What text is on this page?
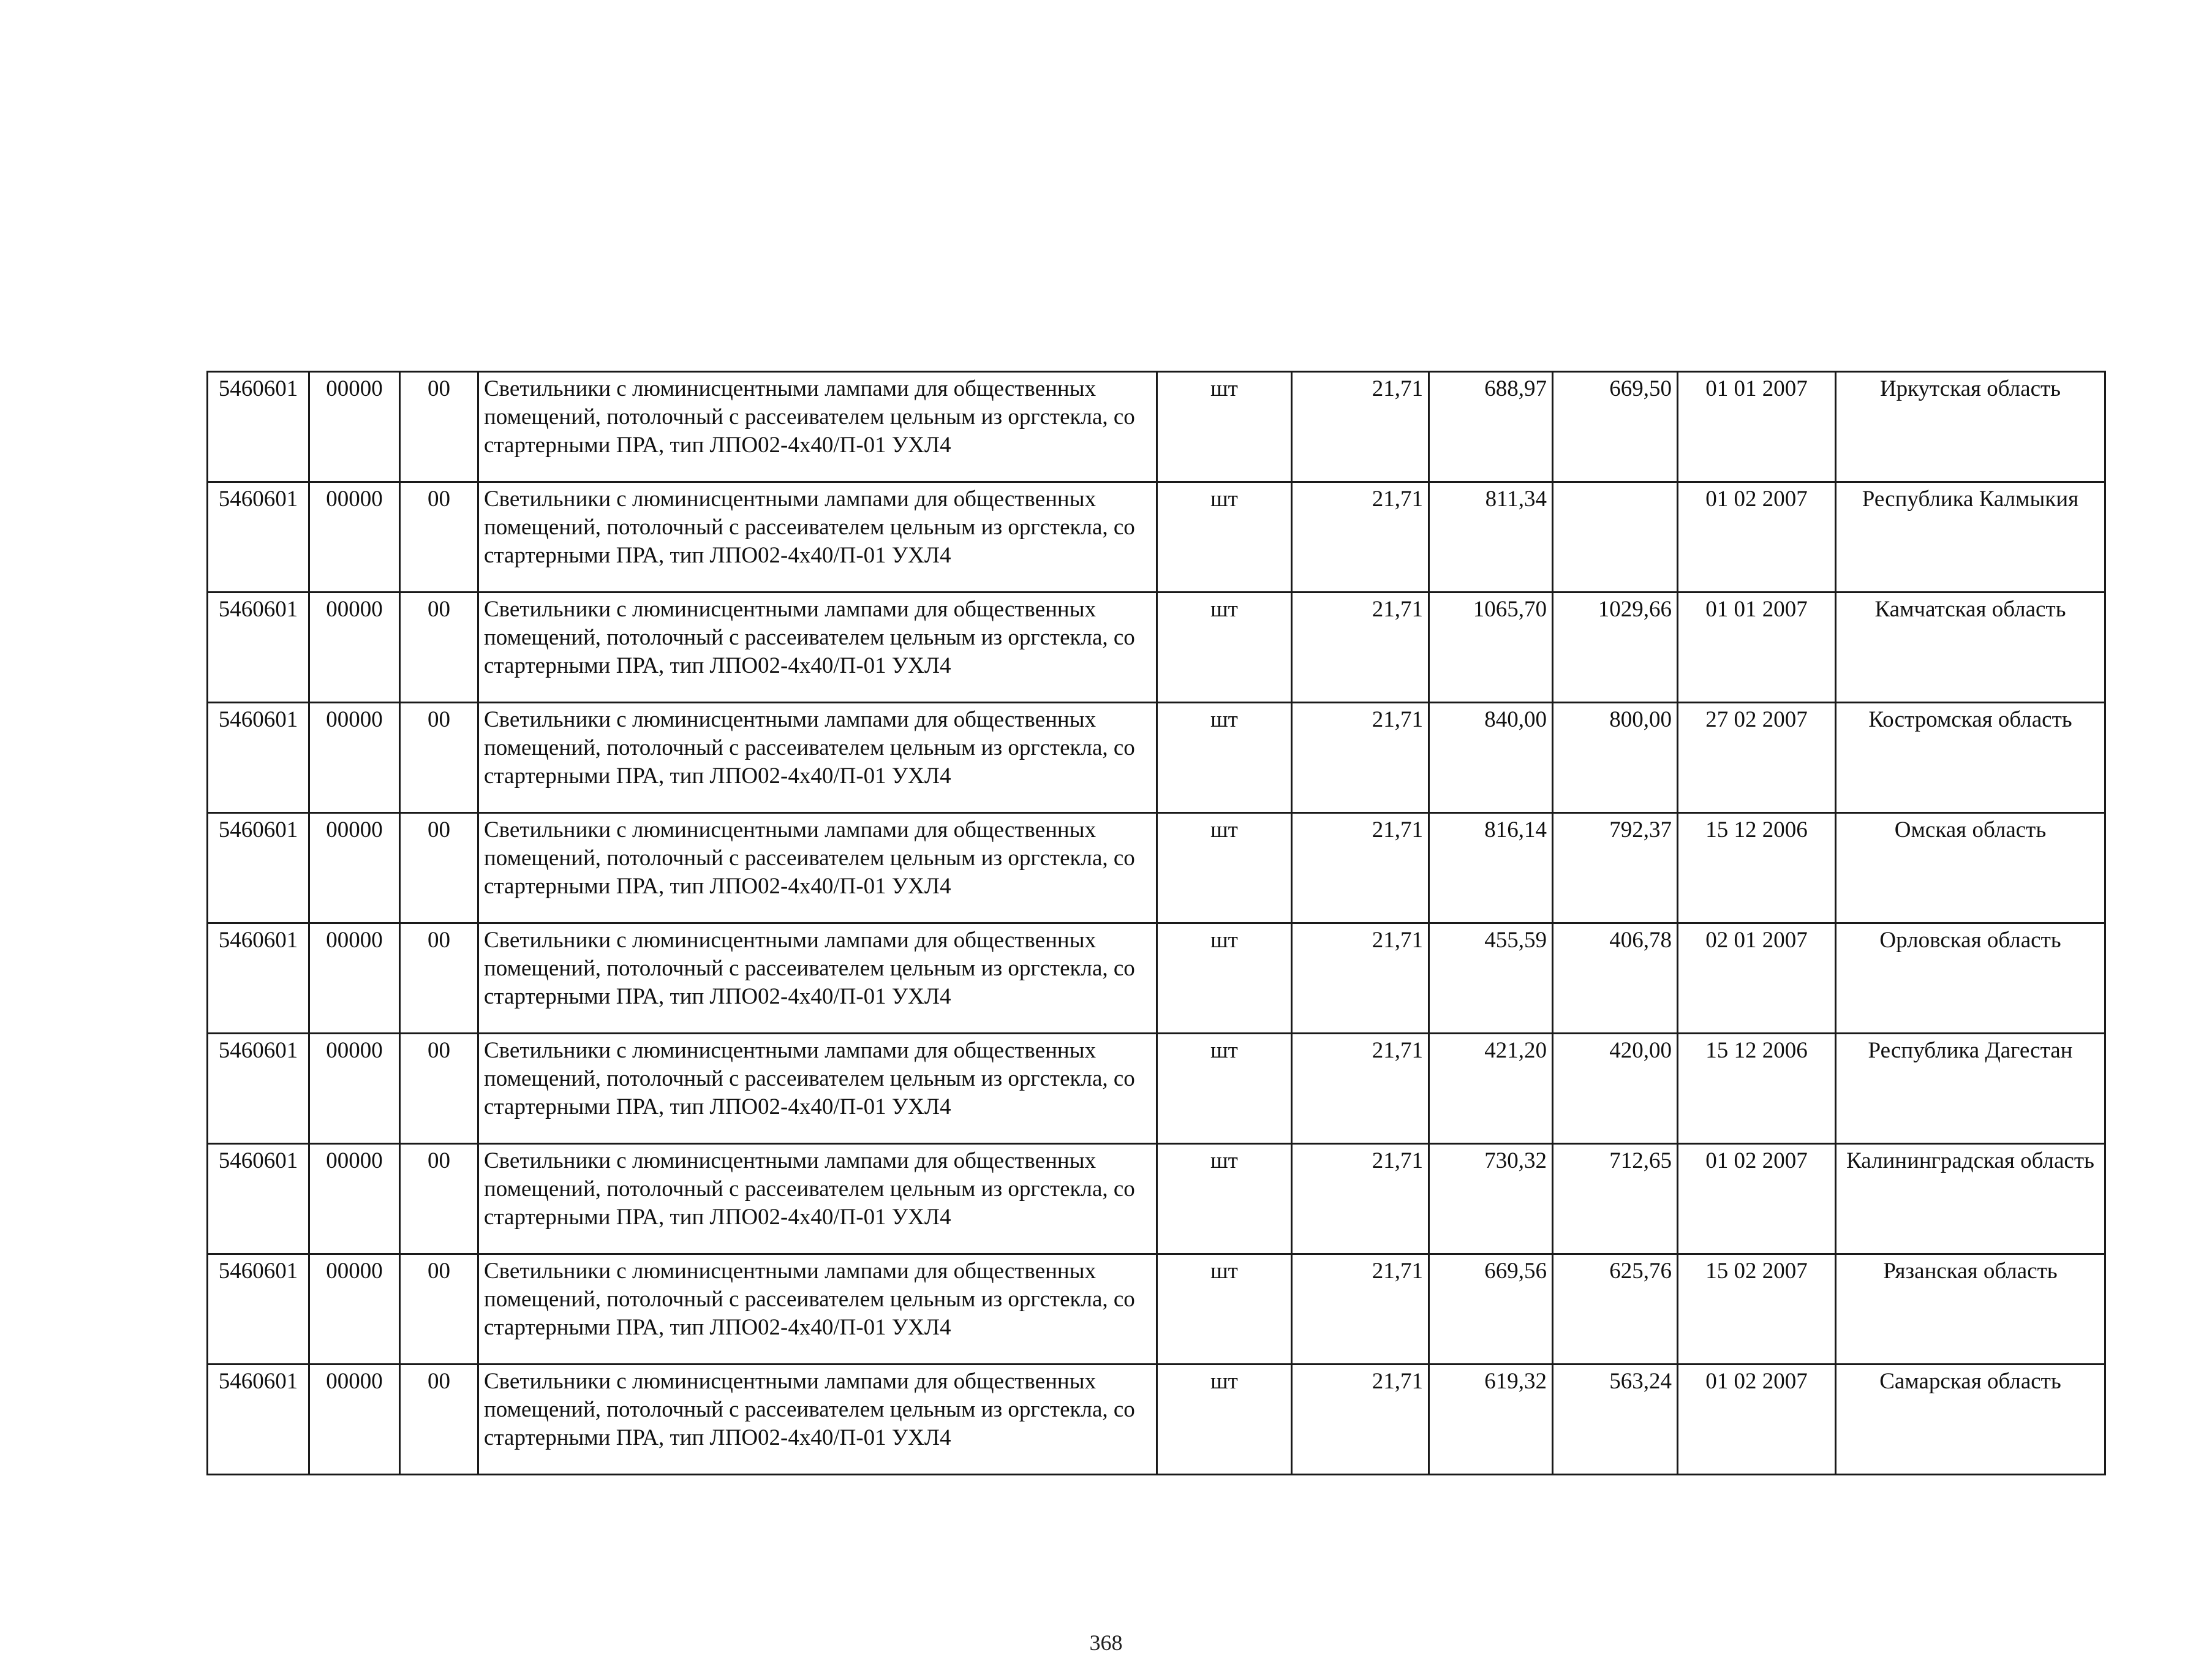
5460601	00000	00	Светильники с люминисцентными лампами для общественных помещений, потолочный с рассеивателем цельным из оргстекла, со стартерными ПРА, тип ЛПО02-4х40/П-01 УХЛ4	шт	21,71	688,97	669,50	01 01 2007	Иркутская область
5460601	00000	00	Светильники с люминисцентными лампами для общественных помещений, потолочный с рассеивателем цельным из оргстекла, со стартерными ПРА, тип ЛПО02-4х40/П-01 УХЛ4	шт	21,71	811,34		01 02 2007	Республика Калмыкия
5460601	00000	00	Светильники с люминисцентными лампами для общественных помещений, потолочный с рассеивателем цельным из оргстекла, со стартерными ПРА, тип ЛПО02-4х40/П-01 УХЛ4	шт	21,71	1065,70	1029,66	01 01 2007	Камчатская область
5460601	00000	00	Светильники с люминисцентными лампами для общественных помещений, потолочный с рассеивателем цельным из оргстекла, со стартерными ПРА, тип ЛПО02-4х40/П-01 УХЛ4	шт	21,71	840,00	800,00	27 02 2007	Костромская область
5460601	00000	00	Светильники с люминисцентными лампами для общественных помещений, потолочный с рассеивателем цельным из оргстекла, со стартерными ПРА, тип ЛПО02-4х40/П-01 УХЛ4	шт	21,71	816,14	792,37	15 12 2006	Омская область
5460601	00000	00	Светильники с люминисцентными лампами для общественных помещений, потолочный с рассеивателем цельным из оргстекла, со стартерными ПРА, тип ЛПО02-4х40/П-01 УХЛ4	шт	21,71	455,59	406,78	02 01 2007	Орловская область
5460601	00000	00	Светильники с люминисцентными лампами для общественных помещений, потолочный с рассеивателем цельным из оргстекла, со стартерными ПРА, тип ЛПО02-4х40/П-01 УХЛ4	шт	21,71	421,20	420,00	15 12 2006	Республика Дагестан
5460601	00000	00	Светильники с люминисцентными лампами для общественных помещений, потолочный с рассеивателем цельным из оргстекла, со стартерными ПРА, тип ЛПО02-4х40/П-01 УХЛ4	шт	21,71	730,32	712,65	01 02 2007	Калининградская область
5460601	00000	00	Светильники с люминисцентными лампами для общественных помещений, потолочный с рассеивателем цельным из оргстекла, со стартерными ПРА, тип ЛПО02-4х40/П-01 УХЛ4	шт	21,71	669,56	625,76	15 02 2007	Рязанская область
5460601	00000	00	Светильники с люминисцентными лампами для общественных помещений, потолочный с рассеивателем цельным из оргстекла, со стартерными ПРА, тип ЛПО02-4х40/П-01 УХЛ4	шт	21,71	619,32	563,24	01 02 2007	Самарская область
368
